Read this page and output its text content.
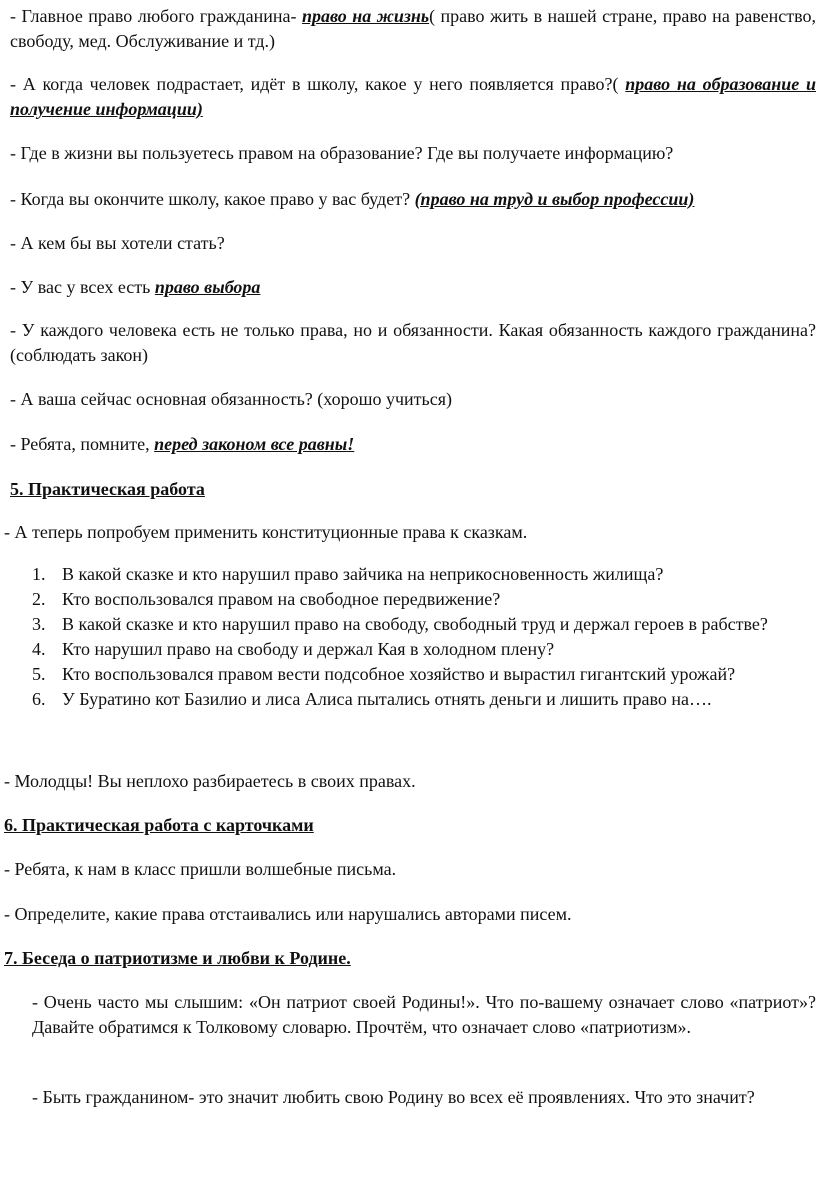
- Главное право любого гражданина- право на жизнь( право жить в нашей стране, право на равенство, свободу, мед. Обслуживание и тд.)

- А когда человек подрастает, идёт в школу, какое у него появляется право?( право на образование и получение информации)

- Где в жизни вы пользуетесь правом на образование? Где вы получаете информацию?

- Когда вы окончите школу, какое право у вас будет? (право на труд и выбор профессии)

- А кем бы вы хотели стать?

- У вас у всех есть право выбора

- У каждого человека есть не только права, но и обязанности. Какая обязанность каждого гражданина? (соблюдать закон)

- А ваша сейчас основная обязанность? (хорошо учиться)

- Ребята, помните, перед законом все равны!

5. Практическая работа

- А теперь попробуем применить конституционные права к сказкам.

1. В какой сказке и кто нарушил право зайчика на неприкосновенность жилища?
2. Кто воспользовался правом на свободное передвижение?
3. В какой сказке и кто нарушил право на свободу, свободный труд и держал героев в рабстве?
4. Кто нарушил право на свободу и держал Кая в холодном плену?
5. Кто воспользовался правом вести подсобное хозяйство и вырастил гигантский урожай?
6. У Буратино кот Базилио и лиса Алиса пытались отнять деньги и лишить право на….

- Молодцы! Вы неплохо разбираетесь в своих правах.

6. Практическая работа с карточками

- Ребята, к нам в класс пришли волшебные письма.

- Определите, какие права отстаивались или нарушались авторами писем.

7. Беседа о патриотизме и любви к Родине.

- Очень часто мы слышим: «Он патриот своей Родины!». Что по-вашему означает слово «патриот»? Давайте обратимся к Толковому словарю. Прочтём, что означает слово «патриотизм».

- Быть гражданином- это значит любить свою Родину во всех её проявлениях. Что это значит?
